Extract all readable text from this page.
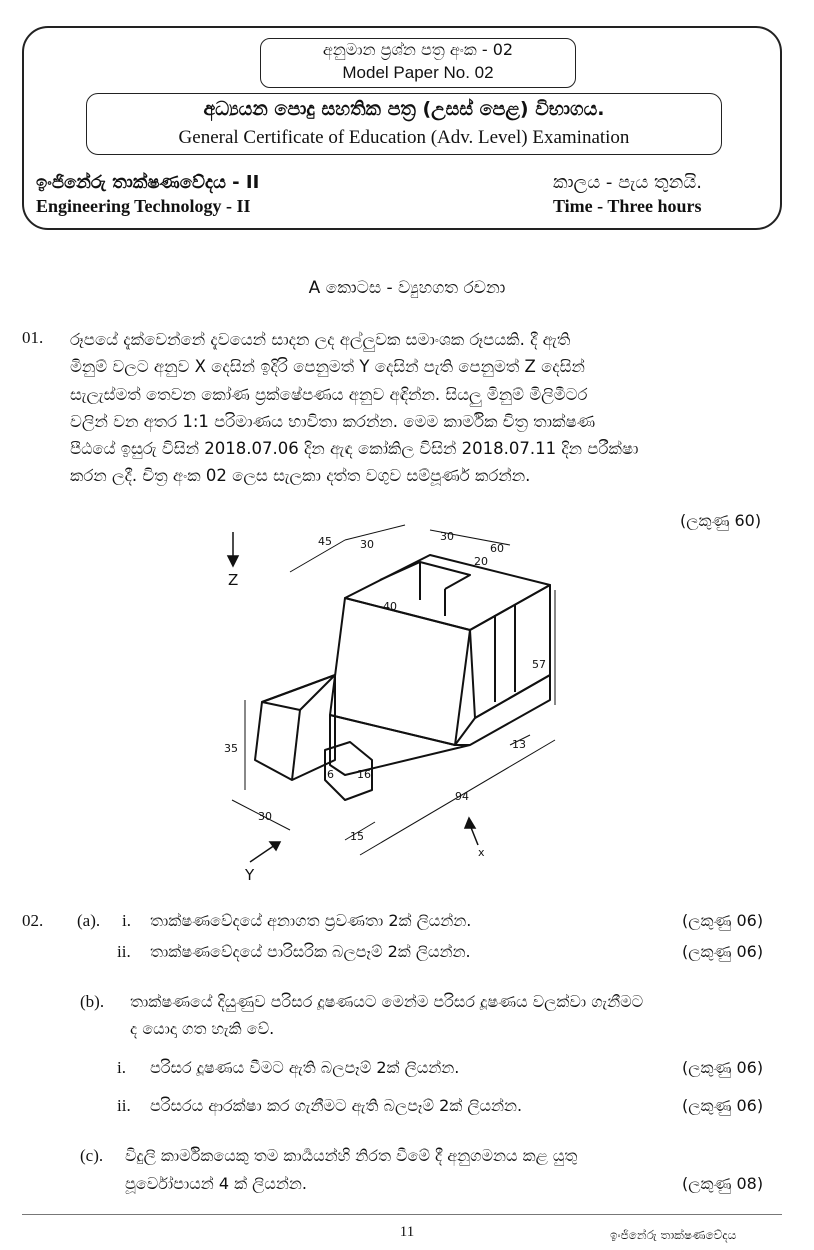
අනුමාන ප්‍රශ්න පත්‍ර අංක - 02
Model Paper No. 02
අධ්‍යයන පොදු සහතික පත්‍ර (උසස් පෙළ) විභාගය.
General Certificate of Education (Adv. Level) Examination
ඉංජිනේරු තාක්ෂණවේදය - II
Engineering Technology - II
කාලය - පැය තුනයි.
Time - Three hours
A කොටස - ව්‍යුහගත රචනා
01. රූපයේ දැක්වෙන්නේ දැවයෙන් සාදන ලද අල්ලුවක සමාංශක රූපයකි. දී ඇති
මිනුම් වලට අනුව X දෙසින් ඉදිරි පෙනුමත් Y දෙසින් පැති පෙනුමත් Z දෙසින්
සැලැස්මත් තෙවන කෝණ ප්‍රක්ෂේපණය අනුව අඳින්න. සියලු මිනුම් මිලිමීටර
වලින් වන අතර 1:1 පරිමාණය භාවිතා කරන්න. මෙම කාර්මික චිත්‍ර තාක්ෂණ
පීඨයේ ඉසුරු විසින් 2018.07.06 දින ඇඳ කෝකිල විසින් 2018.07.11 දින පරීක්ෂා
කරන ලදී. චිත්‍ර අංක 02 ලෙස සැලකා දත්ත වගුව සම්පූර්ණ කරන්න.
(ලකුණු 60)
45	30
30
20
60
40
57
35	13
6 16
94
30
15
Z
Y
x
02. (a). i. තාක්ෂණවේදයේ අනාගත ප්‍රවණතා 2ක් ලියන්න.	(ලකුණු 06)
ii. තාක්ෂණවේදයේ පාරිසරික බලපෑම් 2ක් ලියන්න.	(ලකුණු 06)
(b). තාක්ෂණයේ දියුණුව පරිසර දූෂණයට මෙන්ම පරිසර දූෂණය වලක්වා ගැනීමට
ද යොදා ගත හැකි වේ.
i. පරිසර දූෂණය වීමට ඇති බලපෑම් 2ක් ලියන්න.	(ලකුණු 06)
ii. පරිසරය ආරක්ෂා කර ගැනීමට ඇති බලපෑම් 2ක් ලියන්න.	(ලකුණු 06)
(c). විදුලි කාර්මිකයෙකු තම කාර්‍යයන්හි නිරත වීමේ දී අනුගමනය කළ යුතු
පූර්වෝපායන් 4 ක් ලියන්න.	(ලකුණු 08)
11	ඉංජිනේරු තාක්ෂණවේදය
